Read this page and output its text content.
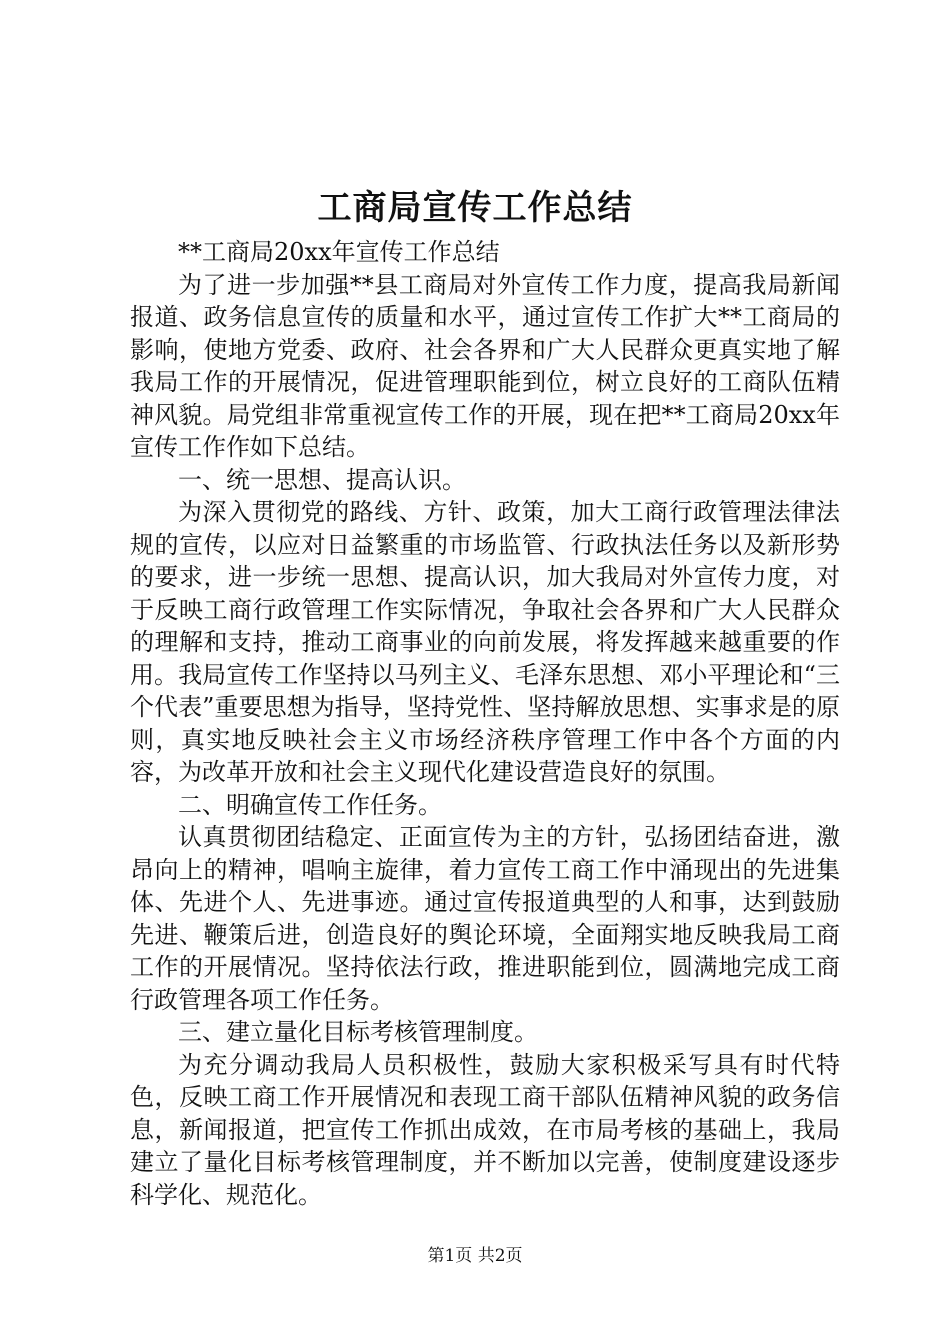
工商局宣传工作总结

**工商局20xx年宣传工作总结

为了进一步加强**县工商局对外宣传工作力度，提高我局新闻报道、政务信息宣传的质量和水平，通过宣传工作扩大**工商局的影响，使地方党委、政府、社会各界和广大人民群众更真实地了解我局工作的开展情况，促进管理职能到位，树立良好的工商队伍精神风貌。局党组非常重视宣传工作的开展，现在把**工商局20xx年宣传工作作如下总结。

一、统一思想、提高认识。

为深入贯彻党的路线、方针、政策，加大工商行政管理法律法规的宣传，以应对日益繁重的市场监管、行政执法任务以及新形势的要求，进一步统一思想、提高认识，加大我局对外宣传力度，对于反映工商行政管理工作实际情况，争取社会各界和广大人民群众的理解和支持，推动工商事业的向前发展，将发挥越来越重要的作用。我局宣传工作坚持以马列主义、毛泽东思想、邓小平理论和“三个代表”重要思想为指导，坚持党性、坚持解放思想、实事求是的原则，真实地反映社会主义市场经济秩序管理工作中各个方面的内容，为改革开放和社会主义现代化建设营造良好的氛围。

二、明确宣传工作任务。

认真贯彻团结稳定、正面宣传为主的方针，弘扬团结奋进，激昂向上的精神，唱响主旋律，着力宣传工商工作中涌现出的先进集体、先进个人、先进事迹。通过宣传报道典型的人和事，达到鼓励先进、鞭策后进，创造良好的舆论环境，全面翔实地反映我局工商工作的开展情况。坚持依法行政，推进职能到位，圆满地完成工商行政管理各项工作任务。

三、建立量化目标考核管理制度。

为充分调动我局人员积极性，鼓励大家积极采写具有时代特色，反映工商工作开展情况和表现工商干部队伍精神风貌的政务信息，新闻报道，把宣传工作抓出成效，在市局考核的基础上，我局建立了量化目标考核管理制度，并不断加以完善，使制度建设逐步科学化、规范化。

第1页 共2页
